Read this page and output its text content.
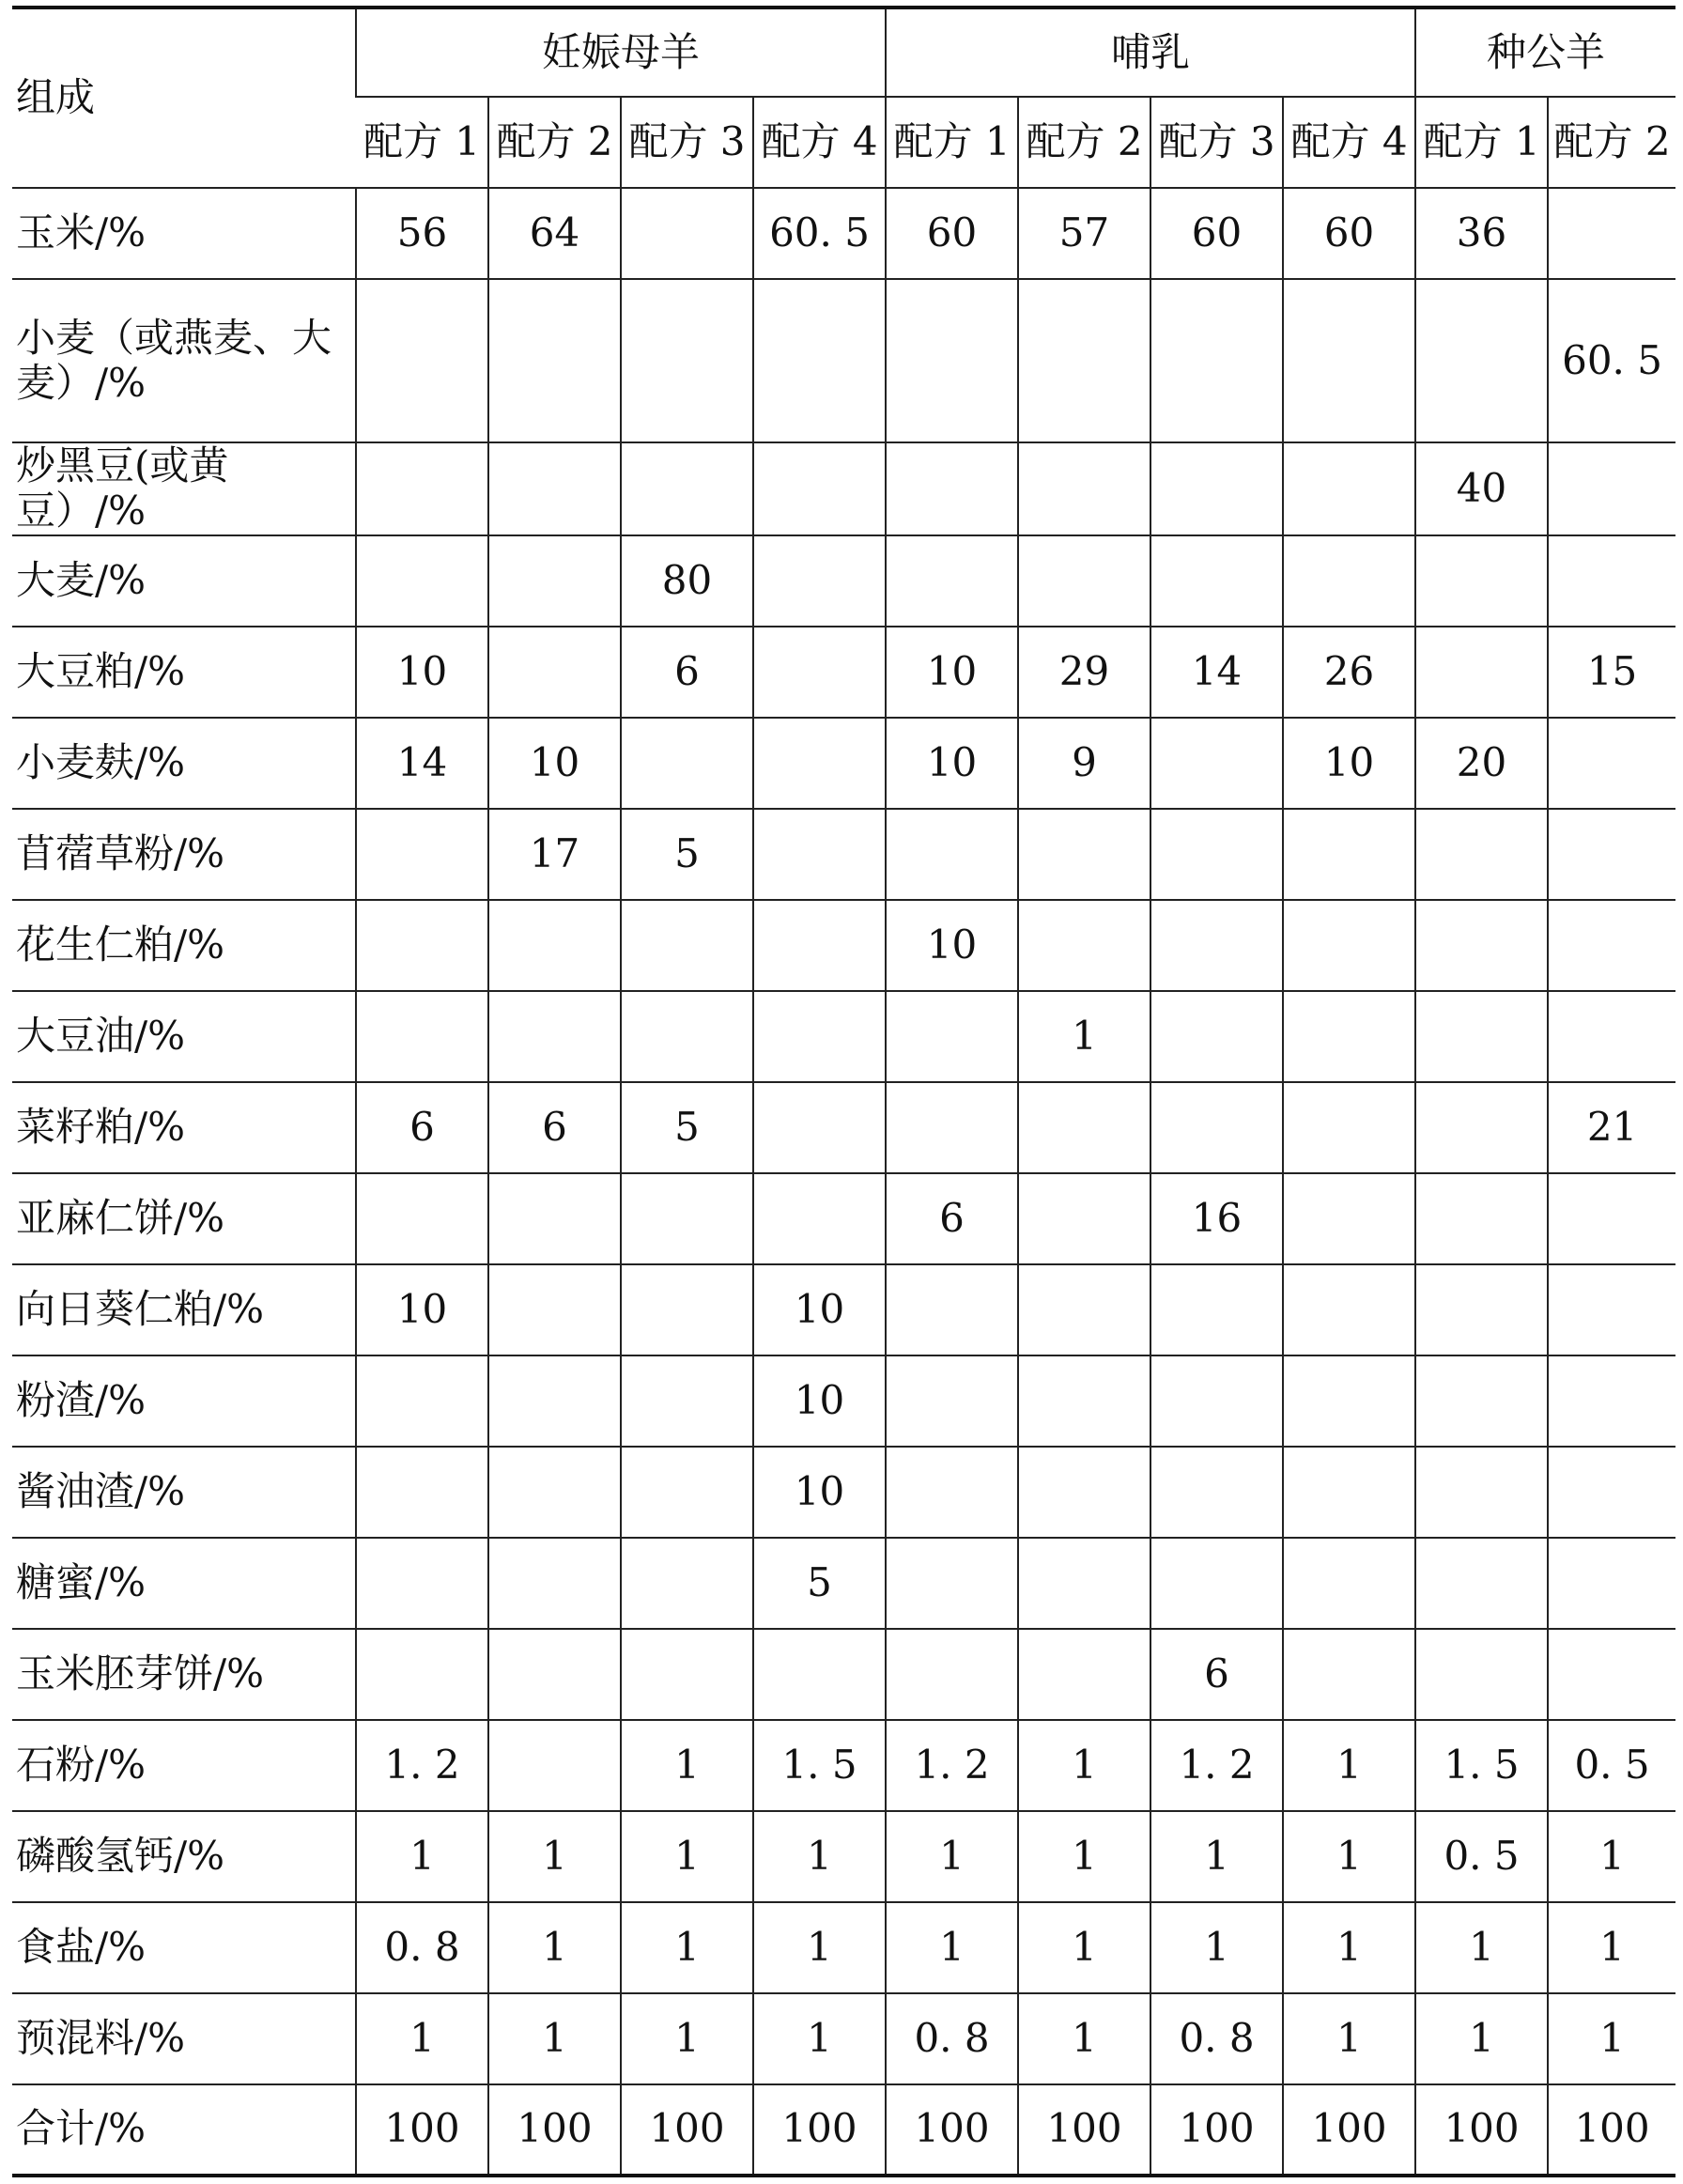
组成	妊娠母羊				哺乳				种公羊	
	配方 1	配方 2	配方 3	配方 4	配方 1	配方 2	配方 3	配方 4	配方 1	配方 2
玉米/%	56	64		60. 5	60	57	60	60	36	
小麦（或燕麦、大麦）/%										60. 5
炒黑豆(或黄豆）/%									40	
大麦/%			80							
大豆粕/%	10		6		10	29	14	26		15
小麦麸/%	14	10			10	9		10	20	
苜蓿草粉/%		17	5							
花生仁粕/%					10					
大豆油/%						1				
菜籽粕/%	6	6	5							21
亚麻仁饼/%					6		16			
向日葵仁粕/%	10			10						
粉渣/%				10						
酱油渣/%				10						
糖蜜/%				5						
玉米胚芽饼/%							6			
石粉/%	1. 2		1	1. 5	1. 2	1	1. 2	1	1. 5	0. 5
磷酸氢钙/%	1	1	1	1	1	1	1	1	0. 5	1
食盐/%	0. 8	1	1	1	1	1	1	1	1	1
预混料/%	1	1	1	1	0. 8	1	0. 8	1	1	1
合计/%	100	100	100	100	100	100	100	100	100	100
